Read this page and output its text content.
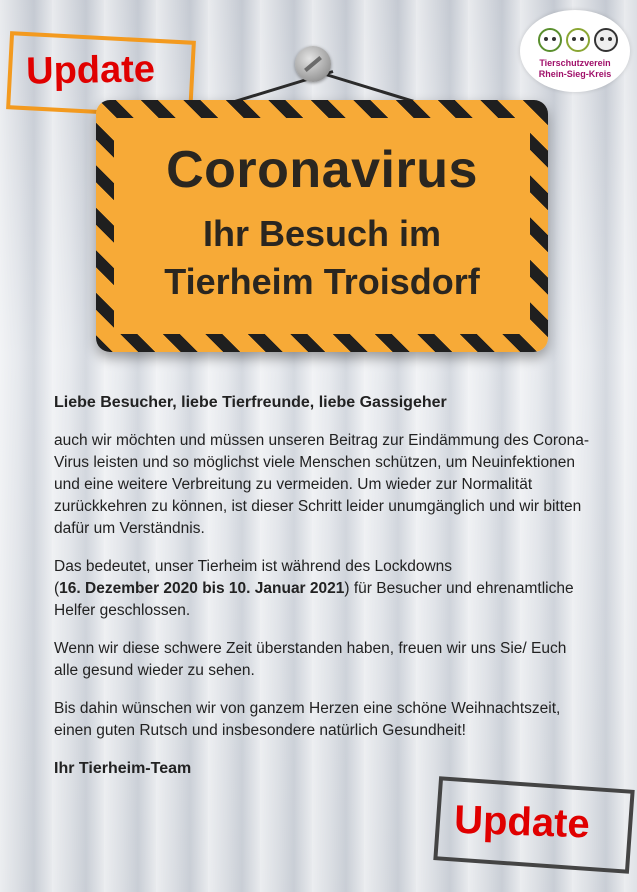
Update	Tierschutzverein
Rhein-Sieg-Kreis
Coronavirus
Ihr Besuch im
Tierheim Troisdorf

Liebe Besucher, liebe Tierfreunde, liebe Gassigeher

auch wir möchten und müssen unseren Beitrag zur Eindämmung des Corona-Virus leisten und so möglichst viele Menschen schützen, um Neuinfektionen und eine weitere Verbreitung zu vermeiden. Um wieder zur Normalität zurückkehren zu können, ist dieser Schritt leider unumgänglich und wir bitten dafür um Verständnis.

Das bedeutet, unser Tierheim ist während des Lockdowns
(16. Dezember 2020 bis 10. Januar 2021) für Besucher und ehrenamtliche Helfer geschlossen.

Wenn wir diese schwere Zeit überstanden haben, freuen wir uns Sie/ Euch alle gesund wieder zu sehen.

Bis dahin wünschen wir von ganzem Herzen eine schöne Weihnachtszeit, einen guten Rutsch und insbesondere natürlich Gesundheit!

Ihr Tierheim-Team

Update
